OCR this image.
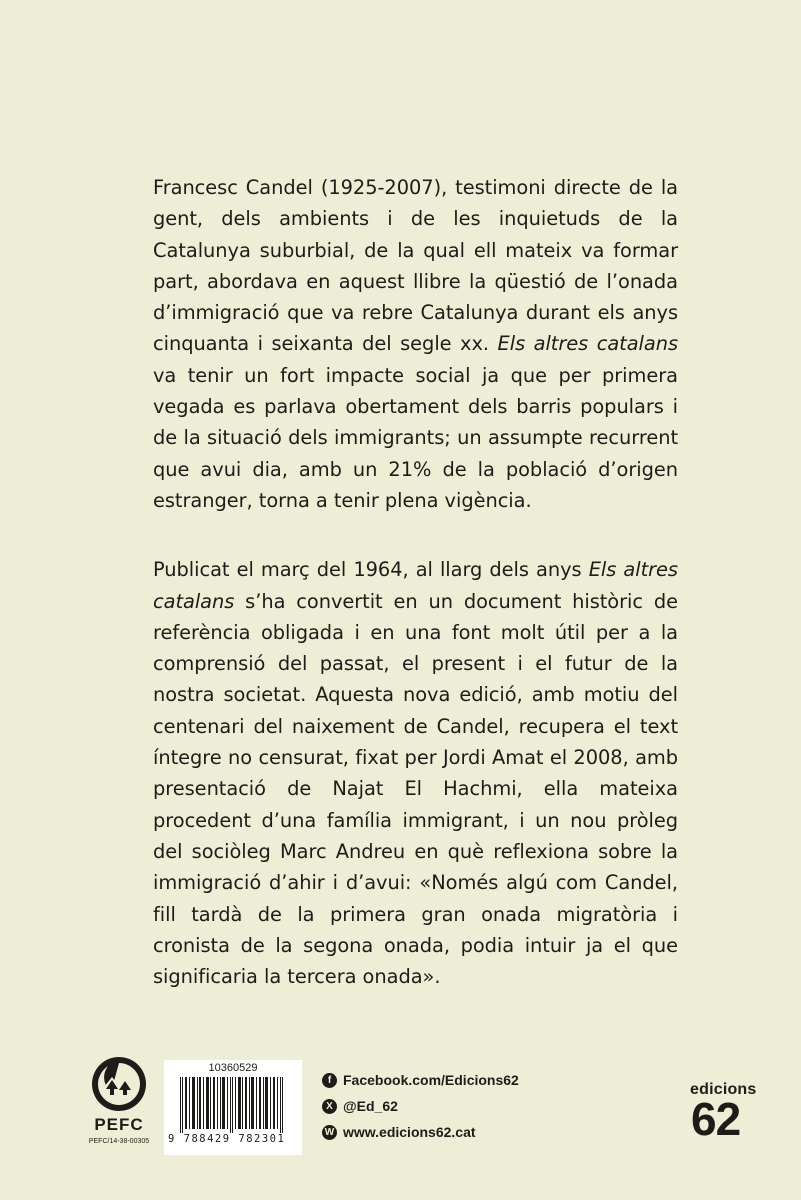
Francesc Candel (1925-2007), testimoni directe de la gent, dels ambients i de les inquietuds de la Catalunya suburbial, de la qual ell mateix va formar part, abordava en aquest llibre la qüestió de l’onada d’immigració que va rebre Catalunya durant els anys cinquanta i seixanta del segle xx. Els altres catalans va tenir un fort impacte social ja que per primera vegada es parlava obertament dels barris populars i de la situació dels immigrants; un assumpte recurrent que avui dia, amb un 21% de la població d’origen estranger, torna a tenir plena vigència.

Publicat el març del 1964, al llarg dels anys Els altres catalans s’ha convertit en un document històric de referència obligada i en una font molt útil per a la comprensió del passat, el present i el futur de la nostra societat. Aquesta nova edició, amb motiu del centenari del naixement de Candel, recupera el text íntegre no censurat, fixat per Jordi Amat el 2008, amb presentació de Najat El Hachmi, ella mateixa procedent d’una família immigrant, i un nou pròleg del sociòleg Marc Andreu en què reflexiona sobre la immigració d’ahir i d’avui: «Només algú com Candel, fill tardà de la primera gran onada migratòria i cronista de la segona onada, podia intuir ja el que significaria la tercera onada».

PEFC
PEFC/14-38-00305
10360529
9 788429 782301
f Facebook.com/Edicions62
X @Ed_62
W www.edicions62.cat
edicions
62
